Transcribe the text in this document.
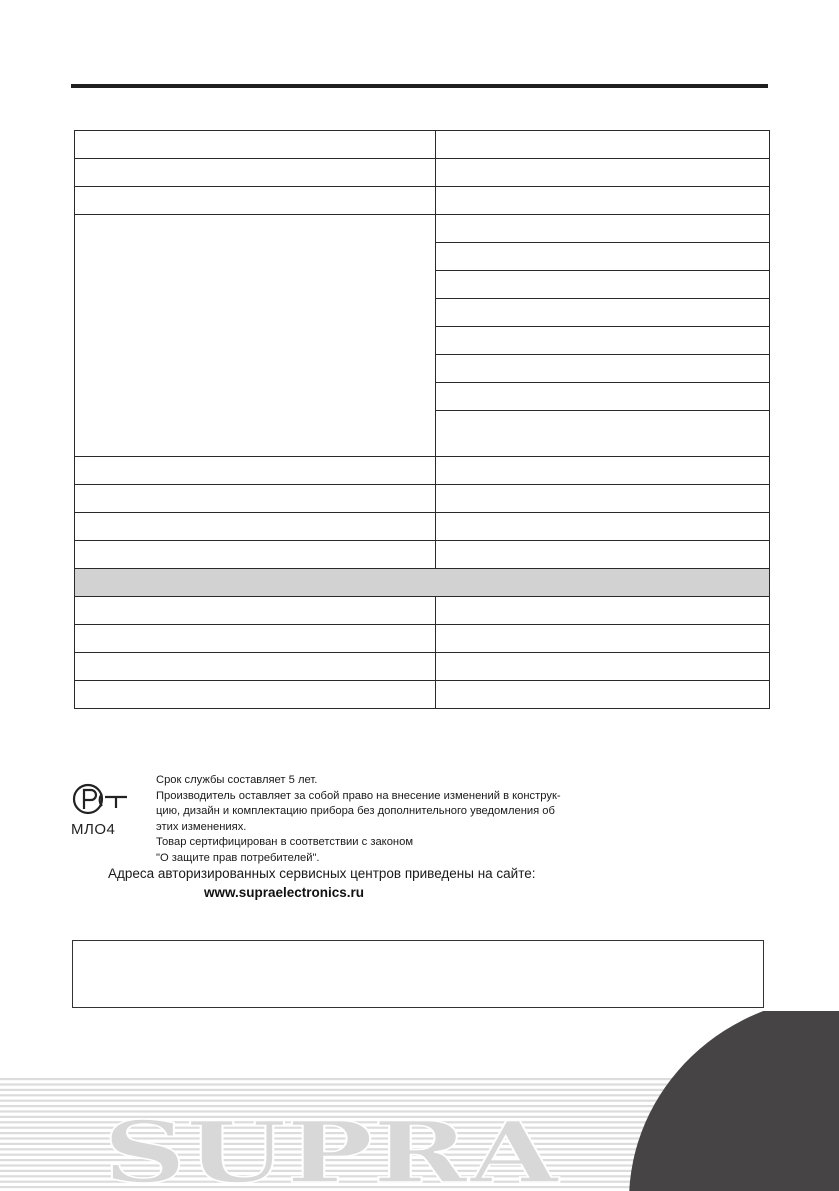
МЛО4

Срок службы составляет 5 лет.

Производитель оставляет за собой право на внесение изменений в конструк-

цию, дизайн и комплектацию прибора без дополнительного уведомления об

этих изменениях.

Товар сертифицирован в соответствии с законом

"О защите прав потребителей".

Адреса авторизированных сервисных центров приведены на сайте:
www.supraelectronics.ru
SUPRA
